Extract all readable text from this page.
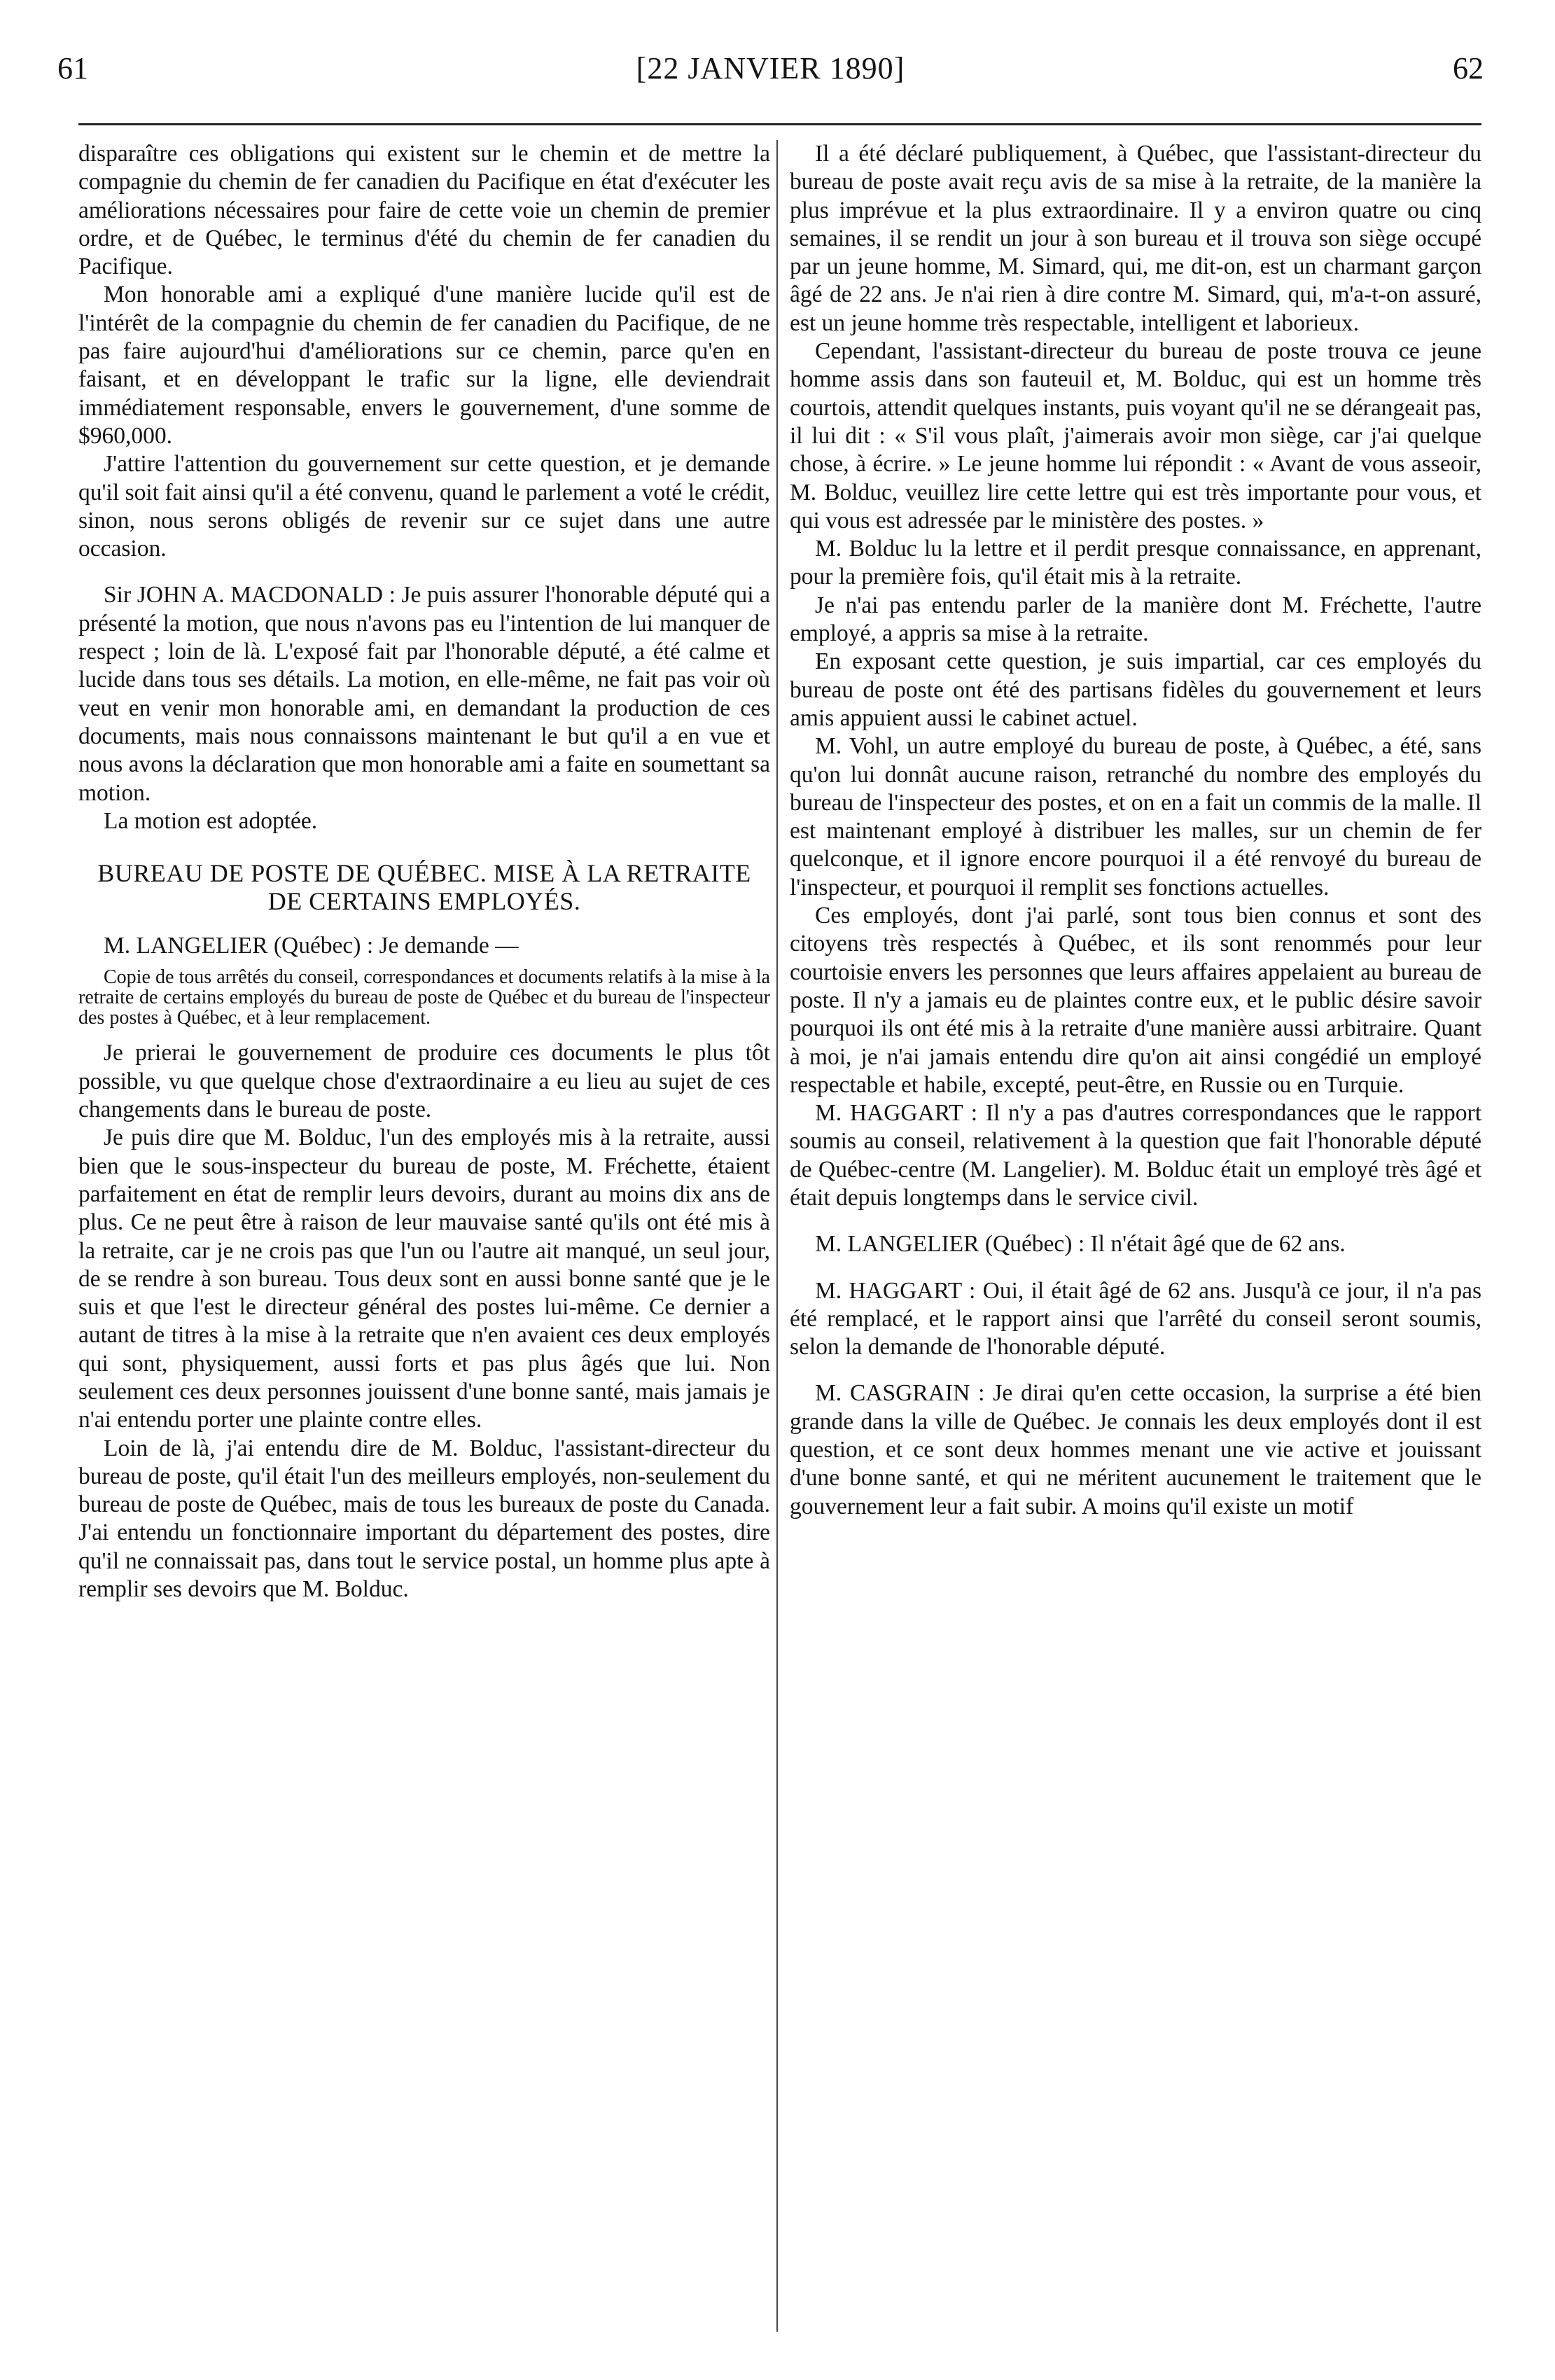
61	[22 JANVIER 1890]	62

disparaître ces obligations qui existent sur le chemin et de mettre la compagnie du chemin de fer canadien du Pacifique en état d'exécuter les améliorations nécessaires pour faire de cette voie un chemin de premier ordre, et de Québec, le terminus d'été du chemin de fer canadien du Pacifique.

Mon honorable ami a expliqué d'une manière lucide qu'il est de l'intérêt de la compagnie du chemin de fer canadien du Pacifique, de ne pas faire aujourd'hui d'améliorations sur ce chemin, parce qu'en en faisant, et en développant le trafic sur la ligne, elle deviendrait immédiatement responsable, envers le gouvernement, d'une somme de $960,000.

J'attire l'attention du gouvernement sur cette question, et je demande qu'il soit fait ainsi qu'il a été convenu, quand le parlement a voté le crédit, sinon, nous serons obligés de revenir sur ce sujet dans une autre occasion.

Sir JOHN A. MACDONALD : Je puis assurer l'honorable député qui a présenté la motion, que nous n'avons pas eu l'intention de lui manquer de respect ; loin de là. L'exposé fait par l'honorable député, a été calme et lucide dans tous ses détails. La motion, en elle-même, ne fait pas voir où veut en venir mon honorable ami, en demandant la production de ces documents, mais nous connaissons maintenant le but qu'il a en vue et nous avons la déclaration que mon honorable ami a faite en soumettant sa motion.

La motion est adoptée.

BUREAU DE POSTE DE QUÉBEC. MISE À LA RETRAITE DE CERTAINS EMPLOYÉS.

M. LANGELIER (Québec) : Je demande —

Copie de tous arrêtés du conseil, correspondances et documents relatifs à la mise à la retraite de certains employés du bureau de poste de Québec et du bureau de l'inspecteur des postes à Québec, et à leur remplacement.

Je prierai le gouvernement de produire ces documents le plus tôt possible, vu que quelque chose d'extraordinaire a eu lieu au sujet de ces changements dans le bureau de poste.

Je puis dire que M. Bolduc, l'un des employés mis à la retraite, aussi bien que le sous-inspecteur du bureau de poste, M. Fréchette, étaient parfaitement en état de remplir leurs devoirs, durant au moins dix ans de plus. Ce ne peut être à raison de leur mauvaise santé qu'ils ont été mis à la retraite, car je ne crois pas que l'un ou l'autre ait manqué, un seul jour, de se rendre à son bureau. Tous deux sont en aussi bonne santé que je le suis et que l'est le directeur général des postes lui-même. Ce dernier a autant de titres à la mise à la retraite que n'en avaient ces deux employés qui sont, physiquement, aussi forts et pas plus âgés que lui. Non seulement ces deux personnes jouissent d'une bonne santé, mais jamais je n'ai entendu porter une plainte contre elles.

Loin de là, j'ai entendu dire de M. Bolduc, l'assistant-directeur du bureau de poste, qu'il était l'un des meilleurs employés, non-seulement du bureau de poste de Québec, mais de tous les bureaux de poste du Canada. J'ai entendu un fonctionnaire important du département des postes, dire qu'il ne connaissait pas, dans tout le service postal, un homme plus apte à remplir ses devoirs que M. Bolduc.

Il a été déclaré publiquement, à Québec, que l'assistant-directeur du bureau de poste avait reçu avis de sa mise à la retraite, de la manière la plus imprévue et la plus extraordinaire. Il y a environ quatre ou cinq semaines, il se rendit un jour à son bureau et il trouva son siège occupé par un jeune homme, M. Simard, qui, me dit-on, est un charmant garçon âgé de 22 ans. Je n'ai rien à dire contre M. Simard, qui, m'a-t-on assuré, est un jeune homme très respectable, intelligent et laborieux.

Cependant, l'assistant-directeur du bureau de poste trouva ce jeune homme assis dans son fauteuil et, M. Bolduc, qui est un homme très courtois, attendit quelques instants, puis voyant qu'il ne se dérangeait pas, il lui dit : « S'il vous plaît, j'aimerais avoir mon siège, car j'ai quelque chose, à écrire. » Le jeune homme lui répondit : « Avant de vous asseoir, M. Bolduc, veuillez lire cette lettre qui est très importante pour vous, et qui vous est adressée par le ministère des postes. »

M. Bolduc lu la lettre et il perdit presque connaissance, en apprenant, pour la première fois, qu'il était mis à la retraite.

Je n'ai pas entendu parler de la manière dont M. Fréchette, l'autre employé, a appris sa mise à la retraite.

En exposant cette question, je suis impartial, car ces employés du bureau de poste ont été des partisans fidèles du gouvernement et leurs amis appuient aussi le cabinet actuel.

M. Vohl, un autre employé du bureau de poste, à Québec, a été, sans qu'on lui donnât aucune raison, retranché du nombre des employés du bureau de l'inspecteur des postes, et on en a fait un commis de la malle. Il est maintenant employé à distribuer les malles, sur un chemin de fer quelconque, et il ignore encore pourquoi il a été renvoyé du bureau de l'inspecteur, et pourquoi il remplit ses fonctions actuelles.

Ces employés, dont j'ai parlé, sont tous bien connus et sont des citoyens très respectés à Québec, et ils sont renommés pour leur courtoisie envers les personnes que leurs affaires appelaient au bureau de poste. Il n'y a jamais eu de plaintes contre eux, et le public désire savoir pourquoi ils ont été mis à la retraite d'une manière aussi arbitraire. Quant à moi, je n'ai jamais entendu dire qu'on ait ainsi congédié un employé respectable et habile, excepté, peut-être, en Russie ou en Turquie.

M. HAGGART : Il n'y a pas d'autres correspondances que le rapport soumis au conseil, relativement à la question que fait l'honorable député de Québec-centre (M. Langelier). M. Bolduc était un employé très âgé et était depuis longtemps dans le service civil.

M. LANGELIER (Québec) : Il n'était âgé que de 62 ans.

M. HAGGART : Oui, il était âgé de 62 ans. Jusqu'à ce jour, il n'a pas été remplacé, et le rapport ainsi que l'arrêté du conseil seront soumis, selon la demande de l'honorable député.

M. CASGRAIN : Je dirai qu'en cette occasion, la surprise a été bien grande dans la ville de Québec. Je connais les deux employés dont il est question, et ce sont deux hommes menant une vie active et jouissant d'une bonne santé, et qui ne méritent aucunement le traitement que le gouvernement leur a fait subir. A moins qu'il existe un motif
